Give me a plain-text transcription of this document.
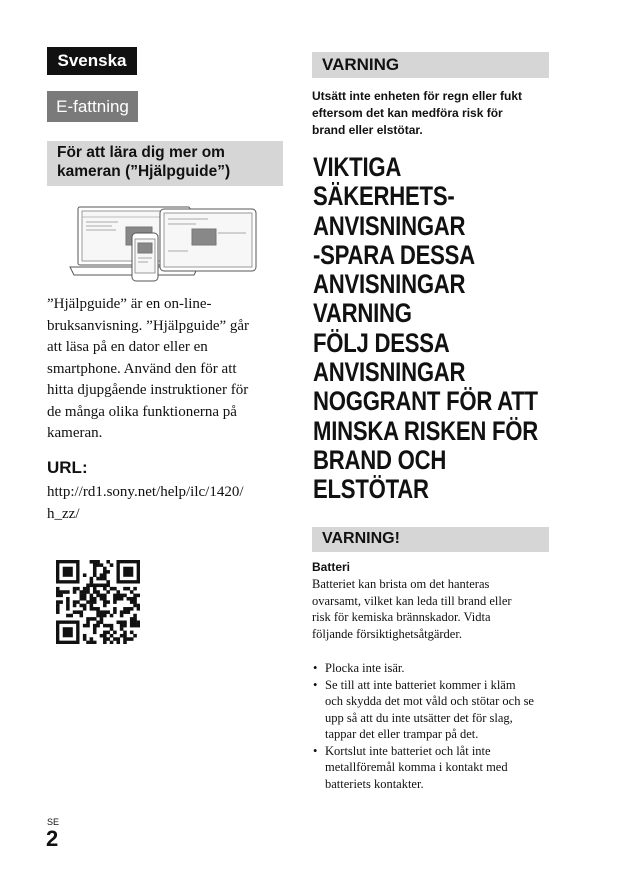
Svenska
E-fattning
För att lära dig mer om
kameran (”Hjälpguide”)
”Hjälpguide” är en on-line-
bruksanvisning. ”Hjälpguide” går
att läsa på en dator eller en
smartphone. Använd den för att
hitta djupgående instruktioner för
de många olika funktionerna på
kameran.
URL:
http://rd1.sony.net/help/ilc/1420/
h_zz/
VARNING
Utsätt inte enheten för regn eller fukt
eftersom det kan medföra risk för
brand eller elstötar.
VIKTIGA
SÄKERHETS-
ANVISNINGAR
-SPARA DESSA
ANVISNINGAR
VARNING
FÖLJ DESSA
ANVISNINGAR
NOGGRANT FÖR ATT
MINSKA RISKEN FÖR
BRAND OCH
ELSTÖTAR
VARNING!
Batteri
Batteriet kan brista om det hanteras
ovarsamt, vilket kan leda till brand eller
risk för kemiska brännskador. Vidta
följande försiktighetsåtgärder.
• Plocka inte isär.
• Se till att inte batteriet kommer i kläm
och skydda det mot våld och stötar och se
upp så att du inte utsätter det för slag,
tappar det eller trampar på det.
• Kortslut inte batteriet och låt inte
metallföremål komma i kontakt med
batteriets kontakter.
SE
2
